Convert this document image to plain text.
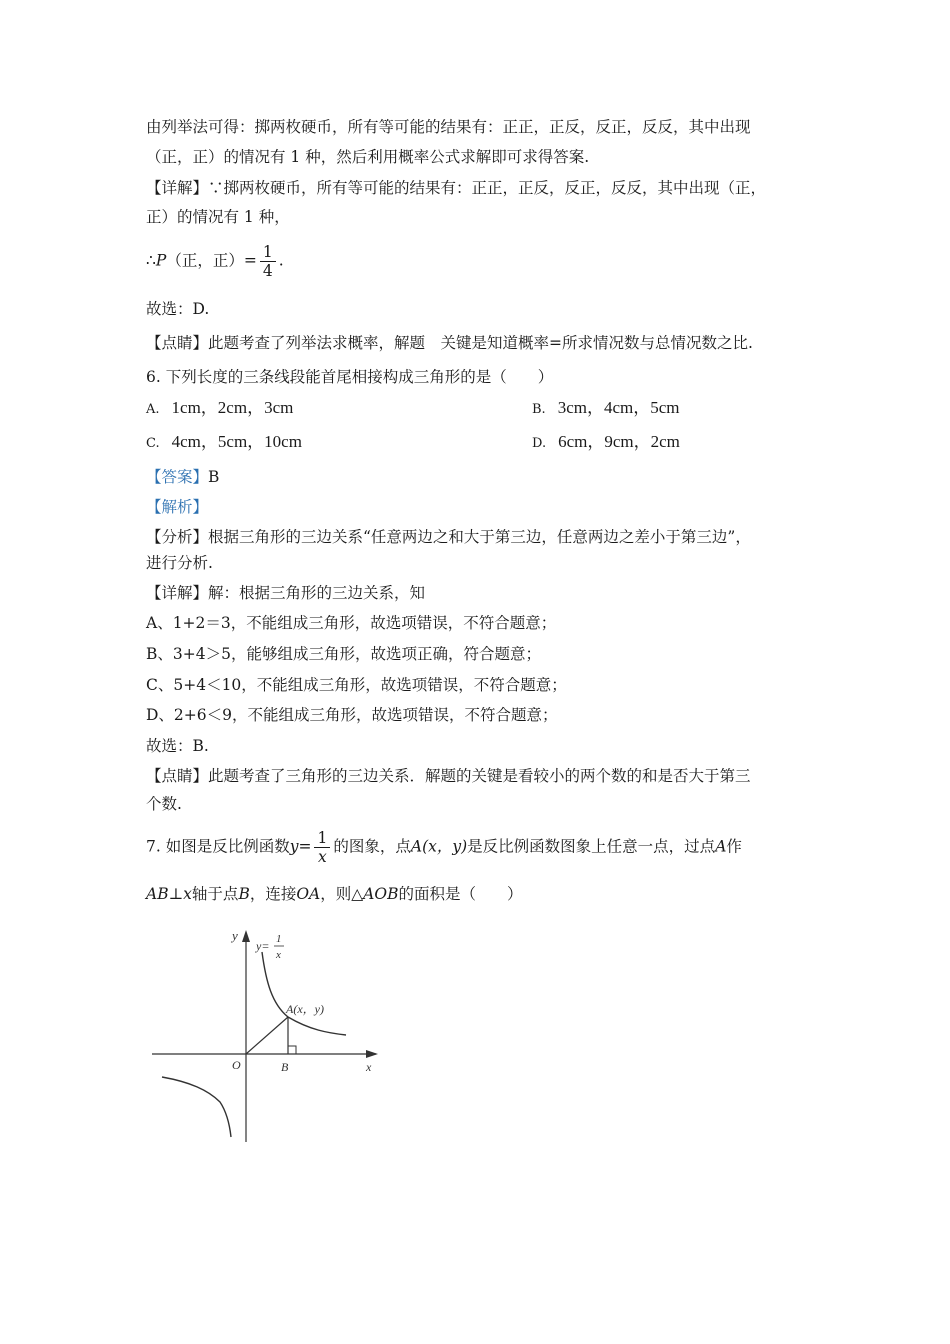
由列举法可得：掷两枚硬币，所有等可能的结果有：正正，正反，反正，反反，其中出现
（正，正）的情况有 1 种，然后利用概率公式求解即可求得答案.
【详解】∵掷两枚硬币，所有等可能的结果有：正正，正反，反正，反反，其中出现（正，
正）的情况有 1 种，
∴P（正，正）= $\frac{1}{4}$ .
故选：D.
【点睛】此题考查了列举法求概率，解题　关键是知道概率=所求情况数与总情况数之比.
6. 下列长度的三条线段能首尾相接构成三角形的是（　　）
A. 1cm，2cm，3cm	B. 3cm，4cm，5cm
C. 4cm，5cm，10cm	D. 6cm，9cm，2cm
【答案】B
【解析】
【分析】根据三角形的三边关系“任意两边之和大于第三边，任意两边之差小于第三边”，
进行分析.
【详解】解：根据三角形的三边关系，知
A、1+2＝3，不能组成三角形，故选项错误，不符合题意；
B、3+4＞5，能够组成三角形，故选项正确，符合题意；
C、5+4＜10，不能组成三角形，故选项错误，不符合题意；
D、2+6＜9，不能组成三角形，故选项错误，不符合题意；
故选：B.
【点睛】此题考查了三角形的三边关系．解题的关键是看较小的两个数的和是否大于第三
个数.
7. 如图是反比例函数$y= \frac{1}{x}$ 的图象，点A(x，y)是反比例函数图象上任意一点，过点A作
AB⊥x轴于点B，连接OA，则△AOB的面积是（　　）
y
y= 1
x
A(x，y)
O	B	x
